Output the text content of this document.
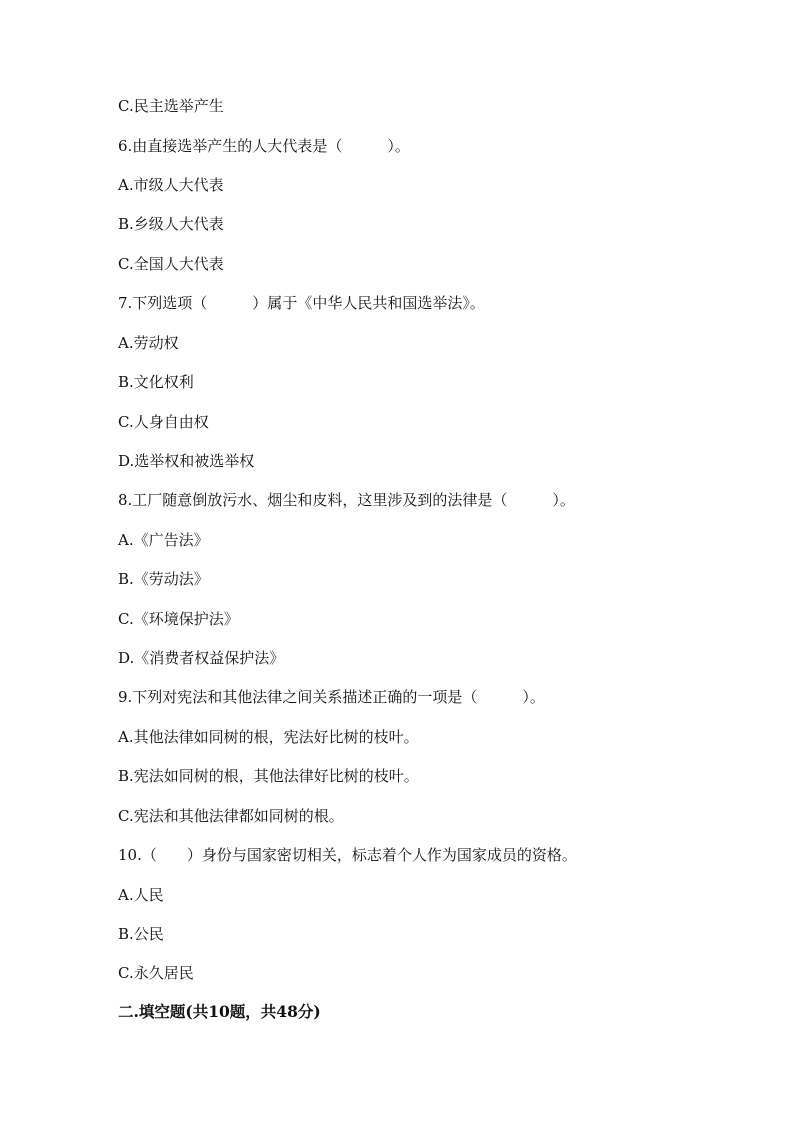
C.民主选举产生
6.由直接选举产生的人大代表是（　　　）。
A.市级人大代表
B.乡级人大代表
C.全国人大代表
7.下列选项（　　　）属于《中华人民共和国选举法》。
A.劳动权
B.文化权利
C.人身自由权
D.选举权和被选举权
8.工厂随意倒放污水、烟尘和皮料，这里涉及到的法律是（　　　）。
A.《广告法》
B.《劳动法》
C.《环境保护法》
D.《消费者权益保护法》
9.下列对宪法和其他法律之间关系描述正确的一项是（　　　）。
A.其他法律如同树的根，宪法好比树的枝叶。
B.宪法如同树的根，其他法律好比树的枝叶。
C.宪法和其他法律都如同树的根。
10.（　　）身份与国家密切相关，标志着个人作为国家成员的资格。
A.人民
B.公民
C.永久居民
二.填空题(共10题，共48分)
